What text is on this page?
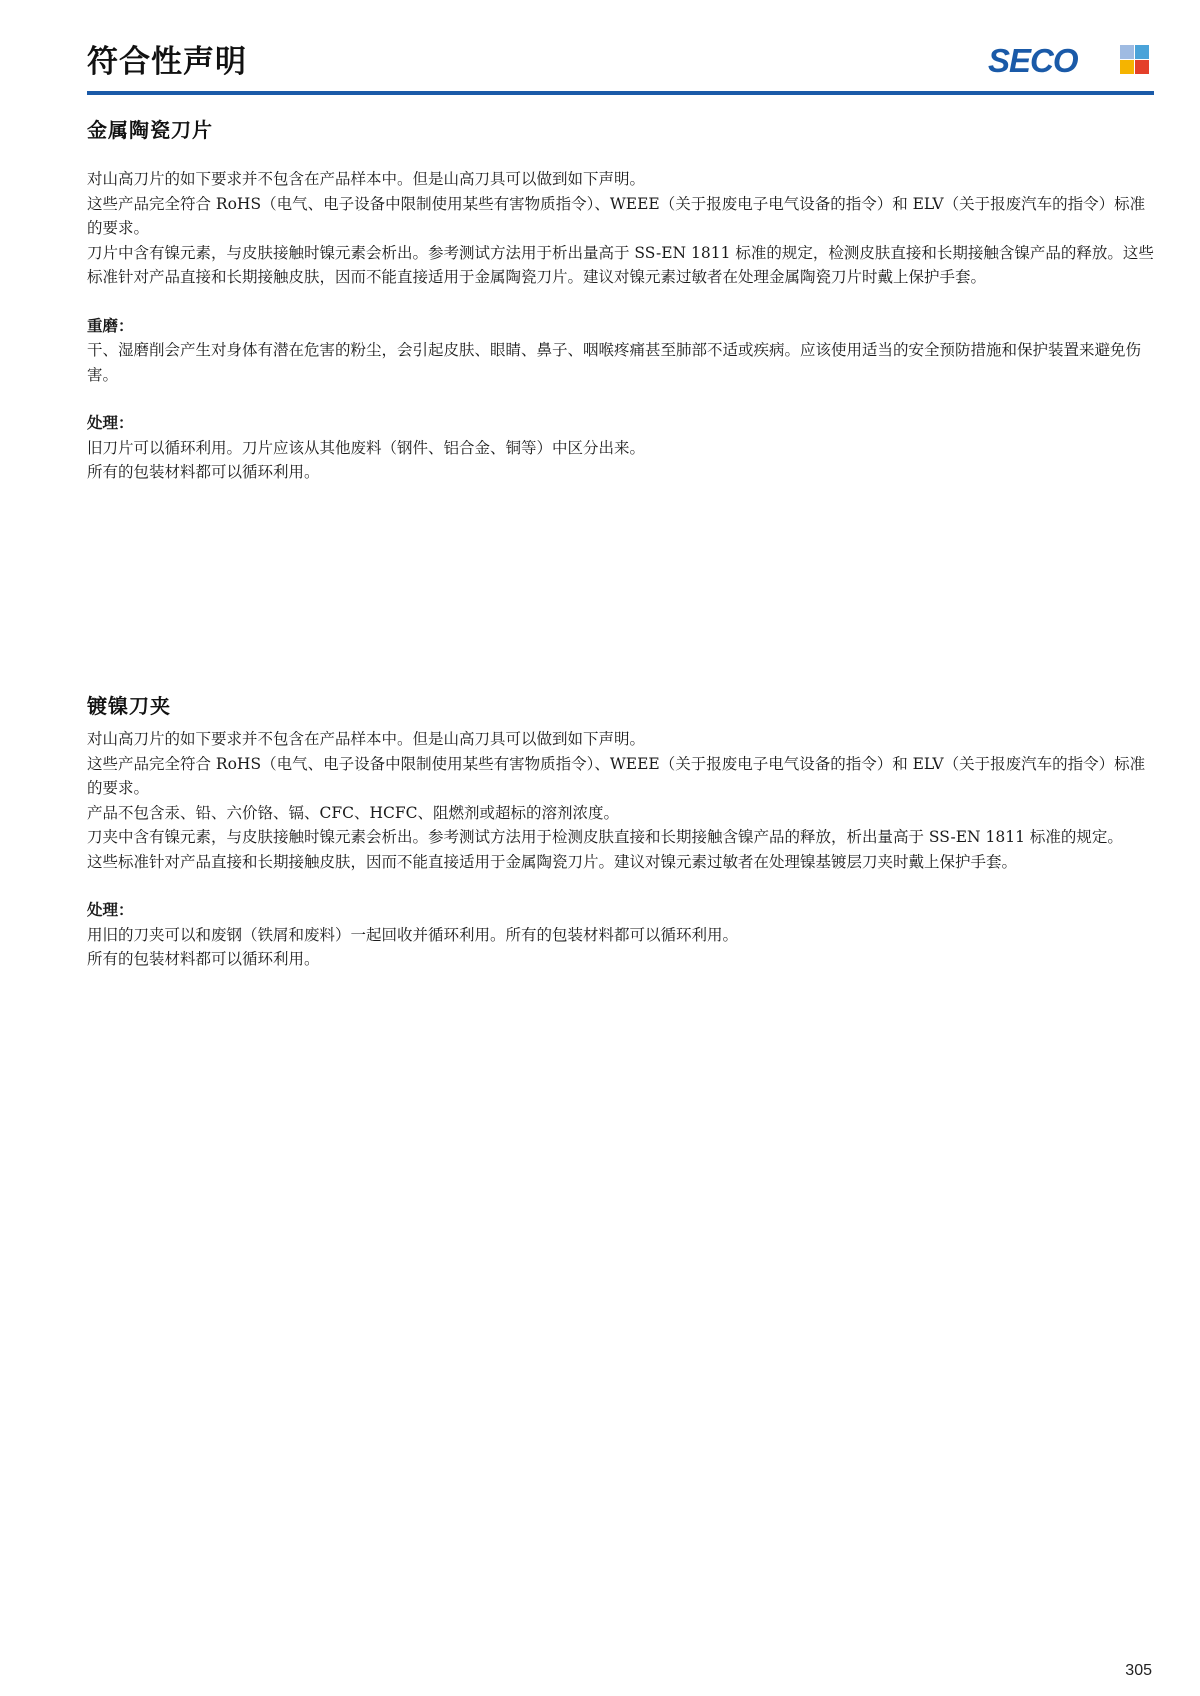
符合性声明	SECO
金属陶瓷刀片

对山高刀片的如下要求并不包含在产品样本中。但是山高刀具可以做到如下声明。

这些产品完全符合 RoHS（电气、电子设备中限制使用某些有害物质指令）、WEEE（关于报废电子电气设备的指令）和 ELV（关于报废汽车的指令）标准的要求。

刀片中含有镍元素，与皮肤接触时镍元素会析出。参考测试方法用于析出量高于 SS-EN 1811 标准的规定，检测皮肤直接和长期接触含镍产品的释放。这些标准针对产品直接和长期接触皮肤，因而不能直接适用于金属陶瓷刀片。建议对镍元素过敏者在处理金属陶瓷刀片时戴上保护手套。

重磨：

干、湿磨削会产生对身体有潜在危害的粉尘，会引起皮肤、眼睛、鼻子、咽喉疼痛甚至肺部不适或疾病。应该使用适当的安全预防措施和保护装置来避免伤害。

处理：

旧刀片可以循环利用。刀片应该从其他废料（钢件、铝合金、铜等）中区分出来。

所有的包装材料都可以循环利用。

镀镍刀夹

对山高刀片的如下要求并不包含在产品样本中。但是山高刀具可以做到如下声明。

这些产品完全符合 RoHS（电气、电子设备中限制使用某些有害物质指令）、WEEE（关于报废电子电气设备的指令）和 ELV（关于报废汽车的指令）标准的要求。

产品不包含汞、铅、六价铬、镉、CFC、HCFC、阻燃剂或超标的溶剂浓度。

刀夹中含有镍元素，与皮肤接触时镍元素会析出。参考测试方法用于检测皮肤直接和长期接触含镍产品的释放，析出量高于 SS-EN 1811 标准的规定。

这些标准针对产品直接和长期接触皮肤，因而不能直接适用于金属陶瓷刀片。建议对镍元素过敏者在处理镍基镀层刀夹时戴上保护手套。

处理：

用旧的刀夹可以和废钢（铁屑和废料）一起回收并循环利用。所有的包装材料都可以循环利用。

所有的包装材料都可以循环利用。

305
